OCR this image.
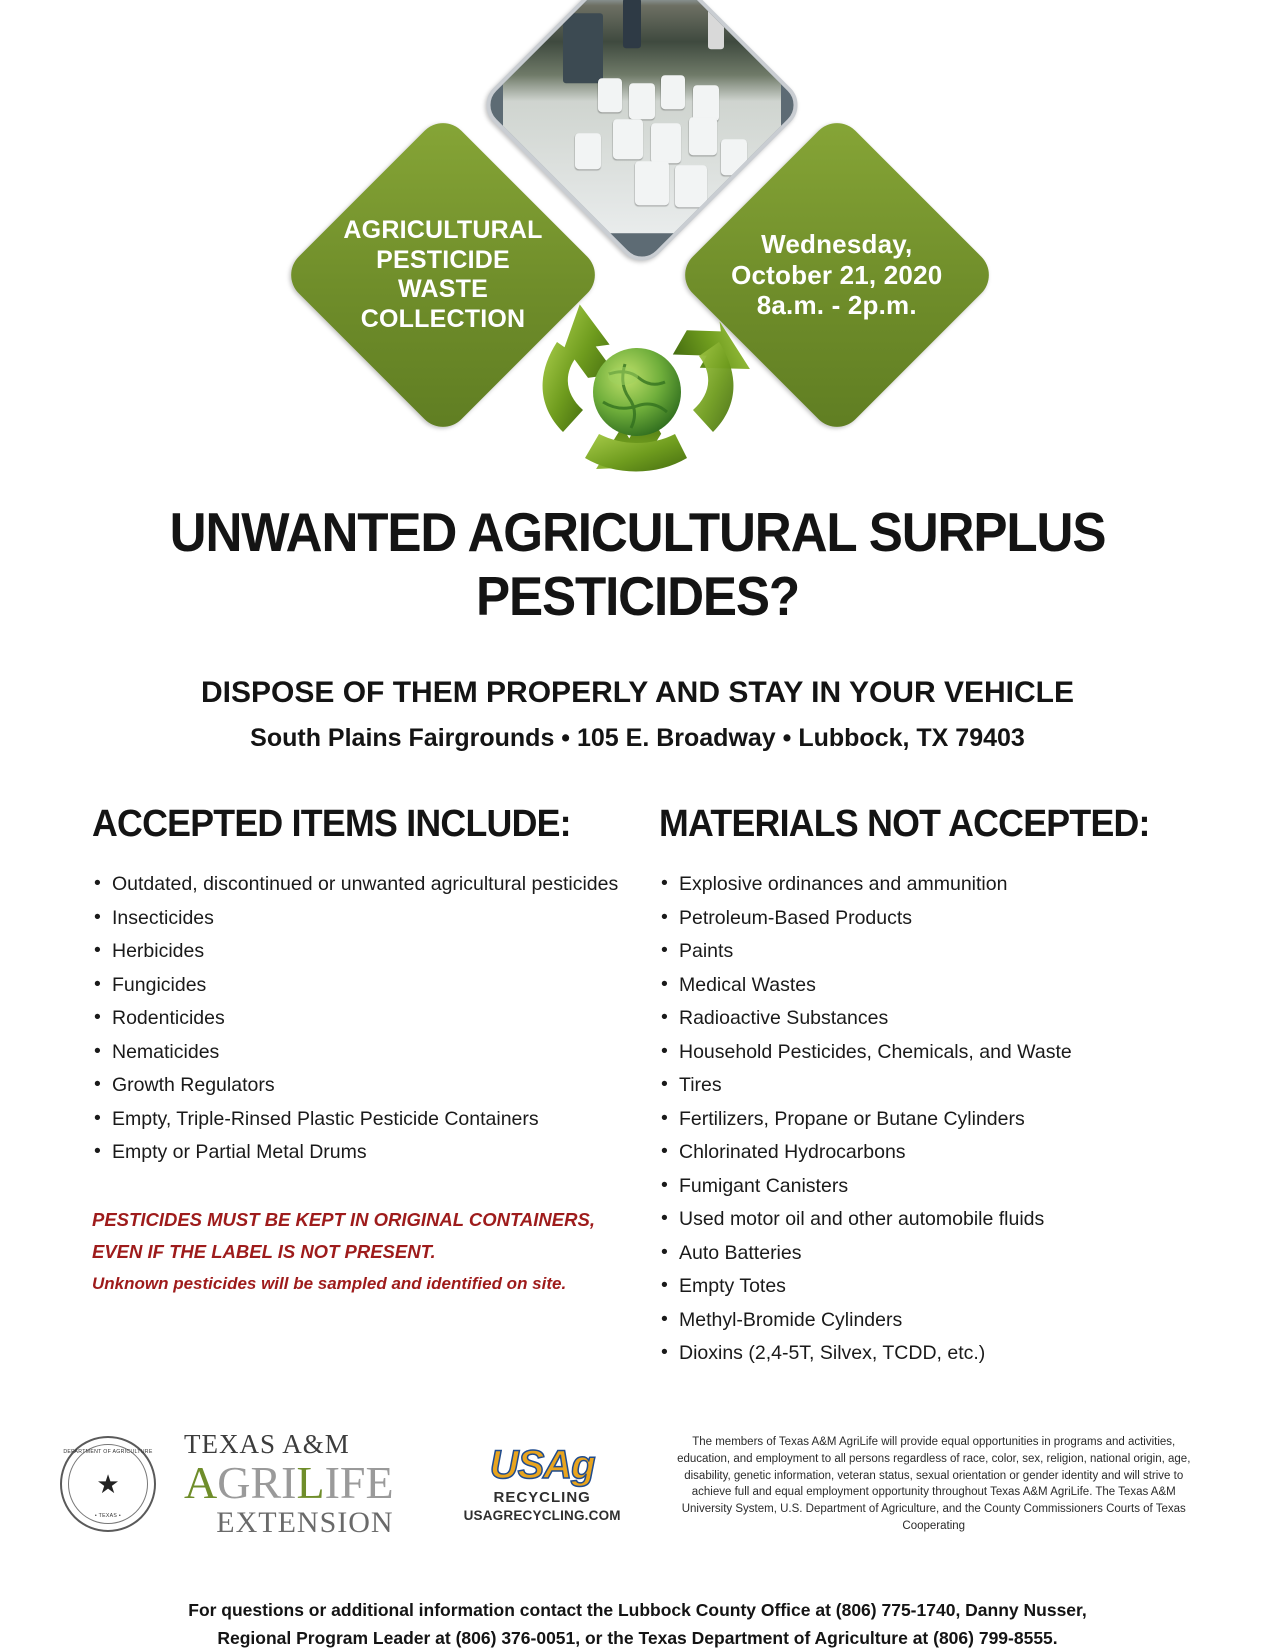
AGRICULTURAL
PESTICIDE WASTE
COLLECTION
Wednesday,
October 21, 2020
8a.m. - 2p.m.
UNWANTED AGRICULTURAL SURPLUS PESTICIDES?
DISPOSE OF THEM PROPERLY AND STAY IN YOUR VEHICLE
South Plains Fairgrounds • 105 E. Broadway • Lubbock, TX 79403
ACCEPTED ITEMS INCLUDE:
• Outdated, discontinued or unwanted agricultural pesticides
• Insecticides
• Herbicides
• Fungicides
• Rodenticides
• Nematicides
• Growth Regulators
• Empty, Triple-Rinsed Plastic Pesticide Containers
• Empty or Partial Metal Drums
PESTICIDES MUST BE KEPT IN ORIGINAL CONTAINERS,
EVEN IF THE LABEL IS NOT PRESENT.
Unknown pesticides will be sampled and identified on site.
MATERIALS NOT ACCEPTED:
• Explosive ordinances and ammunition
• Petroleum-Based Products
• Paints
• Medical Wastes
• Radioactive Substances
• Household Pesticides, Chemicals, and Waste
• Tires
• Fertilizers, Propane or Butane Cylinders
• Chlorinated Hydrocarbons
• Fumigant Canisters
• Used motor oil and other automobile fluids
• Auto Batteries
• Empty Totes
• Methyl-Bromide Cylinders
• Dioxins (2,4-5T, Silvex, TCDD, etc.)
DEPARTMENT OF AGRICULTURE
★
• TEXAS •
TEXAS A&M
AGRILIFE
EXTENSION
USAg
RECYCLING
USAGRECYCLING.COM
The members of Texas A&M AgriLife will provide equal opportunities in programs and activities, education, and employment to all persons regardless of race, color, sex, religion, national origin, age, disability, genetic information, veteran status, sexual orientation or gender identity and will strive to achieve full and equal employment opportunity throughout Texas A&M AgriLife. The Texas A&M University System, U.S. Department of Agriculture, and the County Commissioners Courts of Texas Cooperating
For questions or additional information contact the Lubbock County Office at (806) 775-1740, Danny Nusser,
Regional Program Leader at (806) 376-0051, or the Texas Department of Agriculture at (806) 799-8555.
